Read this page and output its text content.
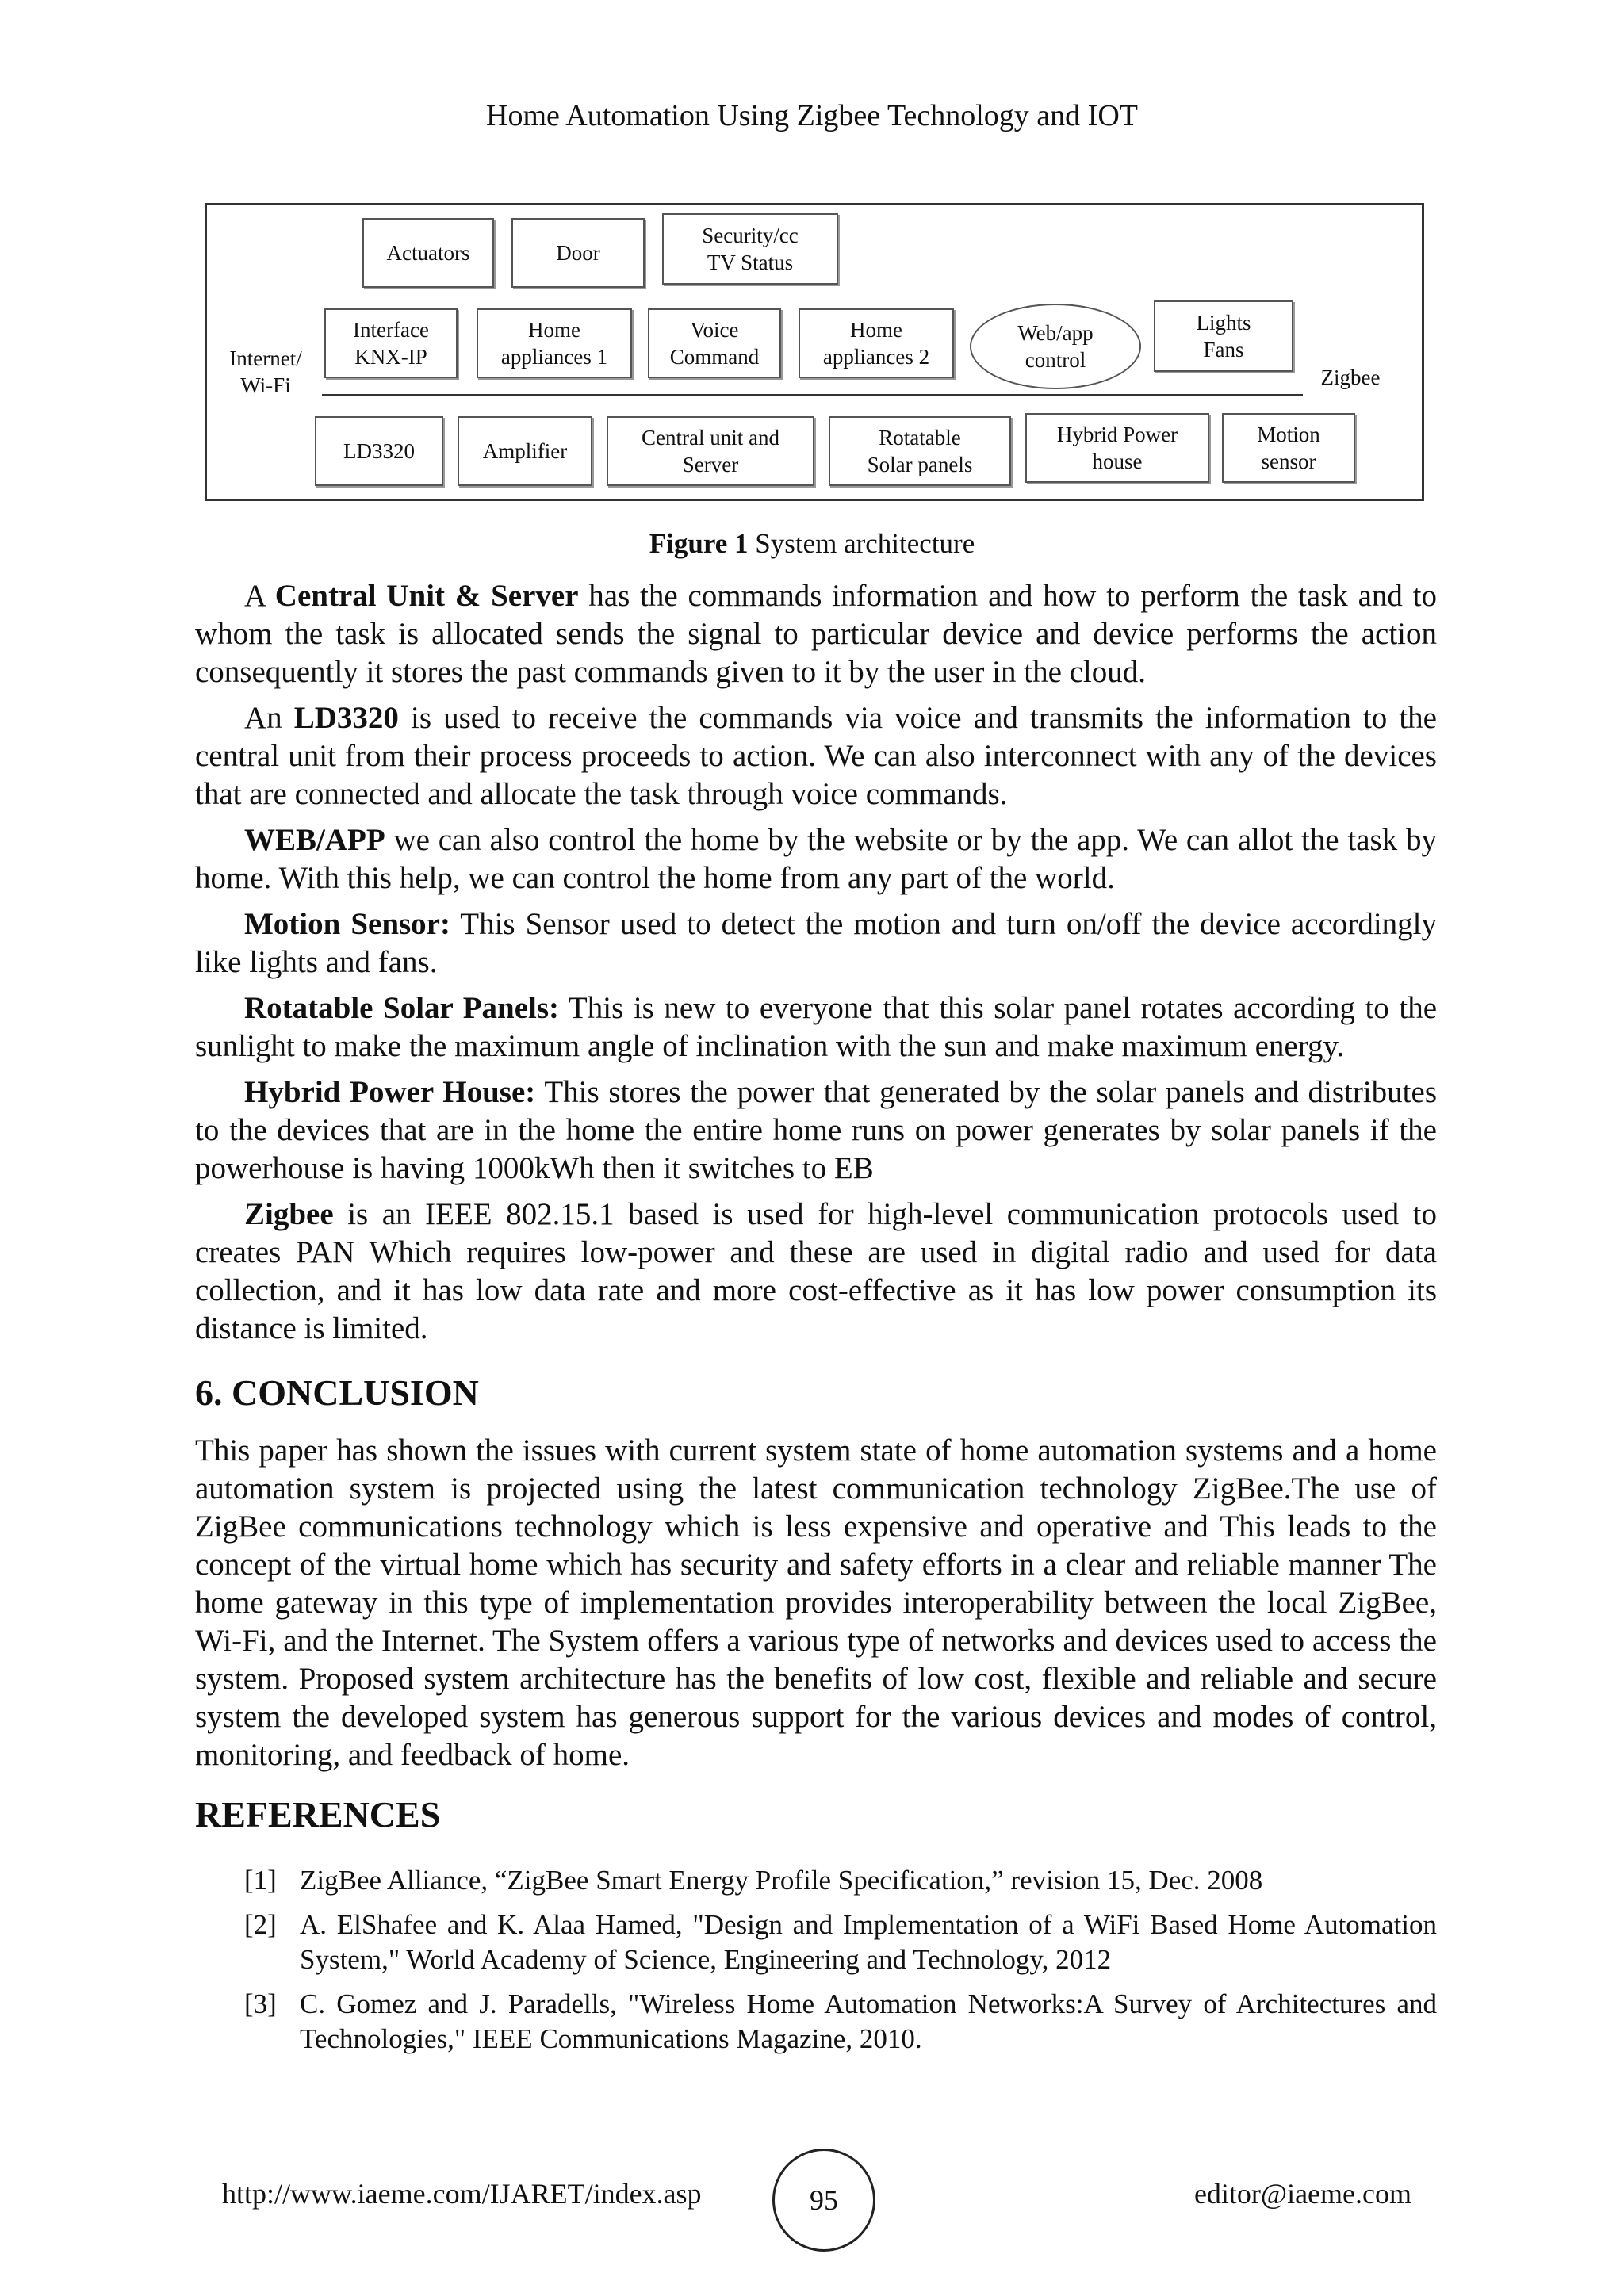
Home Automation Using Zigbee Technology and IOT
Actuators	Door
Security/cc
TV Status
Interface
KNX-IP
Home
appliances 1
Voice
Command
Home
appliances 2
Web/app
control
Lights
Fans
Internet/
Wi-Fi	Zigbee
LD3320	Amplifier
Central unit and
Server
Rotatable
Solar panels
Hybrid Power
house
Motion
sensor
Figure 1 System architecture

A Central Unit & Server has the commands information and how to perform the task and to whom the task is allocated sends the signal to particular device and device performs the action consequently it stores the past commands given to it by the user in the cloud.

An LD3320 is used to receive the commands via voice and transmits the information to the central unit from their process proceeds to action. We can also interconnect with any of the devices that are connected and allocate the task through voice commands.

WEB/APP we can also control the home by the website or by the app. We can allot the task by home. With this help, we can control the home from any part of the world.

Motion Sensor: This Sensor used to detect the motion and turn on/off the device accordingly like lights and fans.

Rotatable Solar Panels: This is new to everyone that this solar panel rotates according to the sunlight to make the maximum angle of inclination with the sun and make maximum energy.

Hybrid Power House: This stores the power that generated by the solar panels and distributes to the devices that are in the home the entire home runs on power generates by solar panels if the powerhouse is having 1000kWh then it switches to EB

Zigbee is an IEEE 802.15.1 based is used for high-level communication protocols used to creates PAN Which requires low-power and these are used in digital radio and used for data collection, and it has low data rate and more cost-effective as it has low power consumption its distance is limited.

6. CONCLUSION
This paper has shown the issues with current system state of home automation systems and a home automation system is projected using the latest communication technology ZigBee.The use of ZigBee communications technology which is less expensive and operative and This leads to the concept of the virtual home which has security and safety efforts in a clear and reliable manner The home gateway in this type of implementation provides interoperability between the local ZigBee, Wi-Fi, and the Internet. The System offers a various type of networks and devices used to access the system. Proposed system architecture has the benefits of low cost, flexible and reliable and secure system the developed system has generous support for the various devices and modes of control, monitoring, and feedback of home.
REFERENCES
[1] ZigBee Alliance, “ZigBee Smart Energy Profile Specification,” revision 15, Dec. 2008
[2] A. ElShafee and K. Alaa Hamed, "Design and Implementation of a WiFi Based Home Automation System," World Academy of Science, Engineering and Technology, 2012
[3] C. Gomez and J. Paradells, "Wireless Home Automation Networks:A Survey of Architectures and Technologies," IEEE Communications Magazine, 2010.
http://www.iaeme.com/IJARET/index.asp	95	editor@iaeme.com
